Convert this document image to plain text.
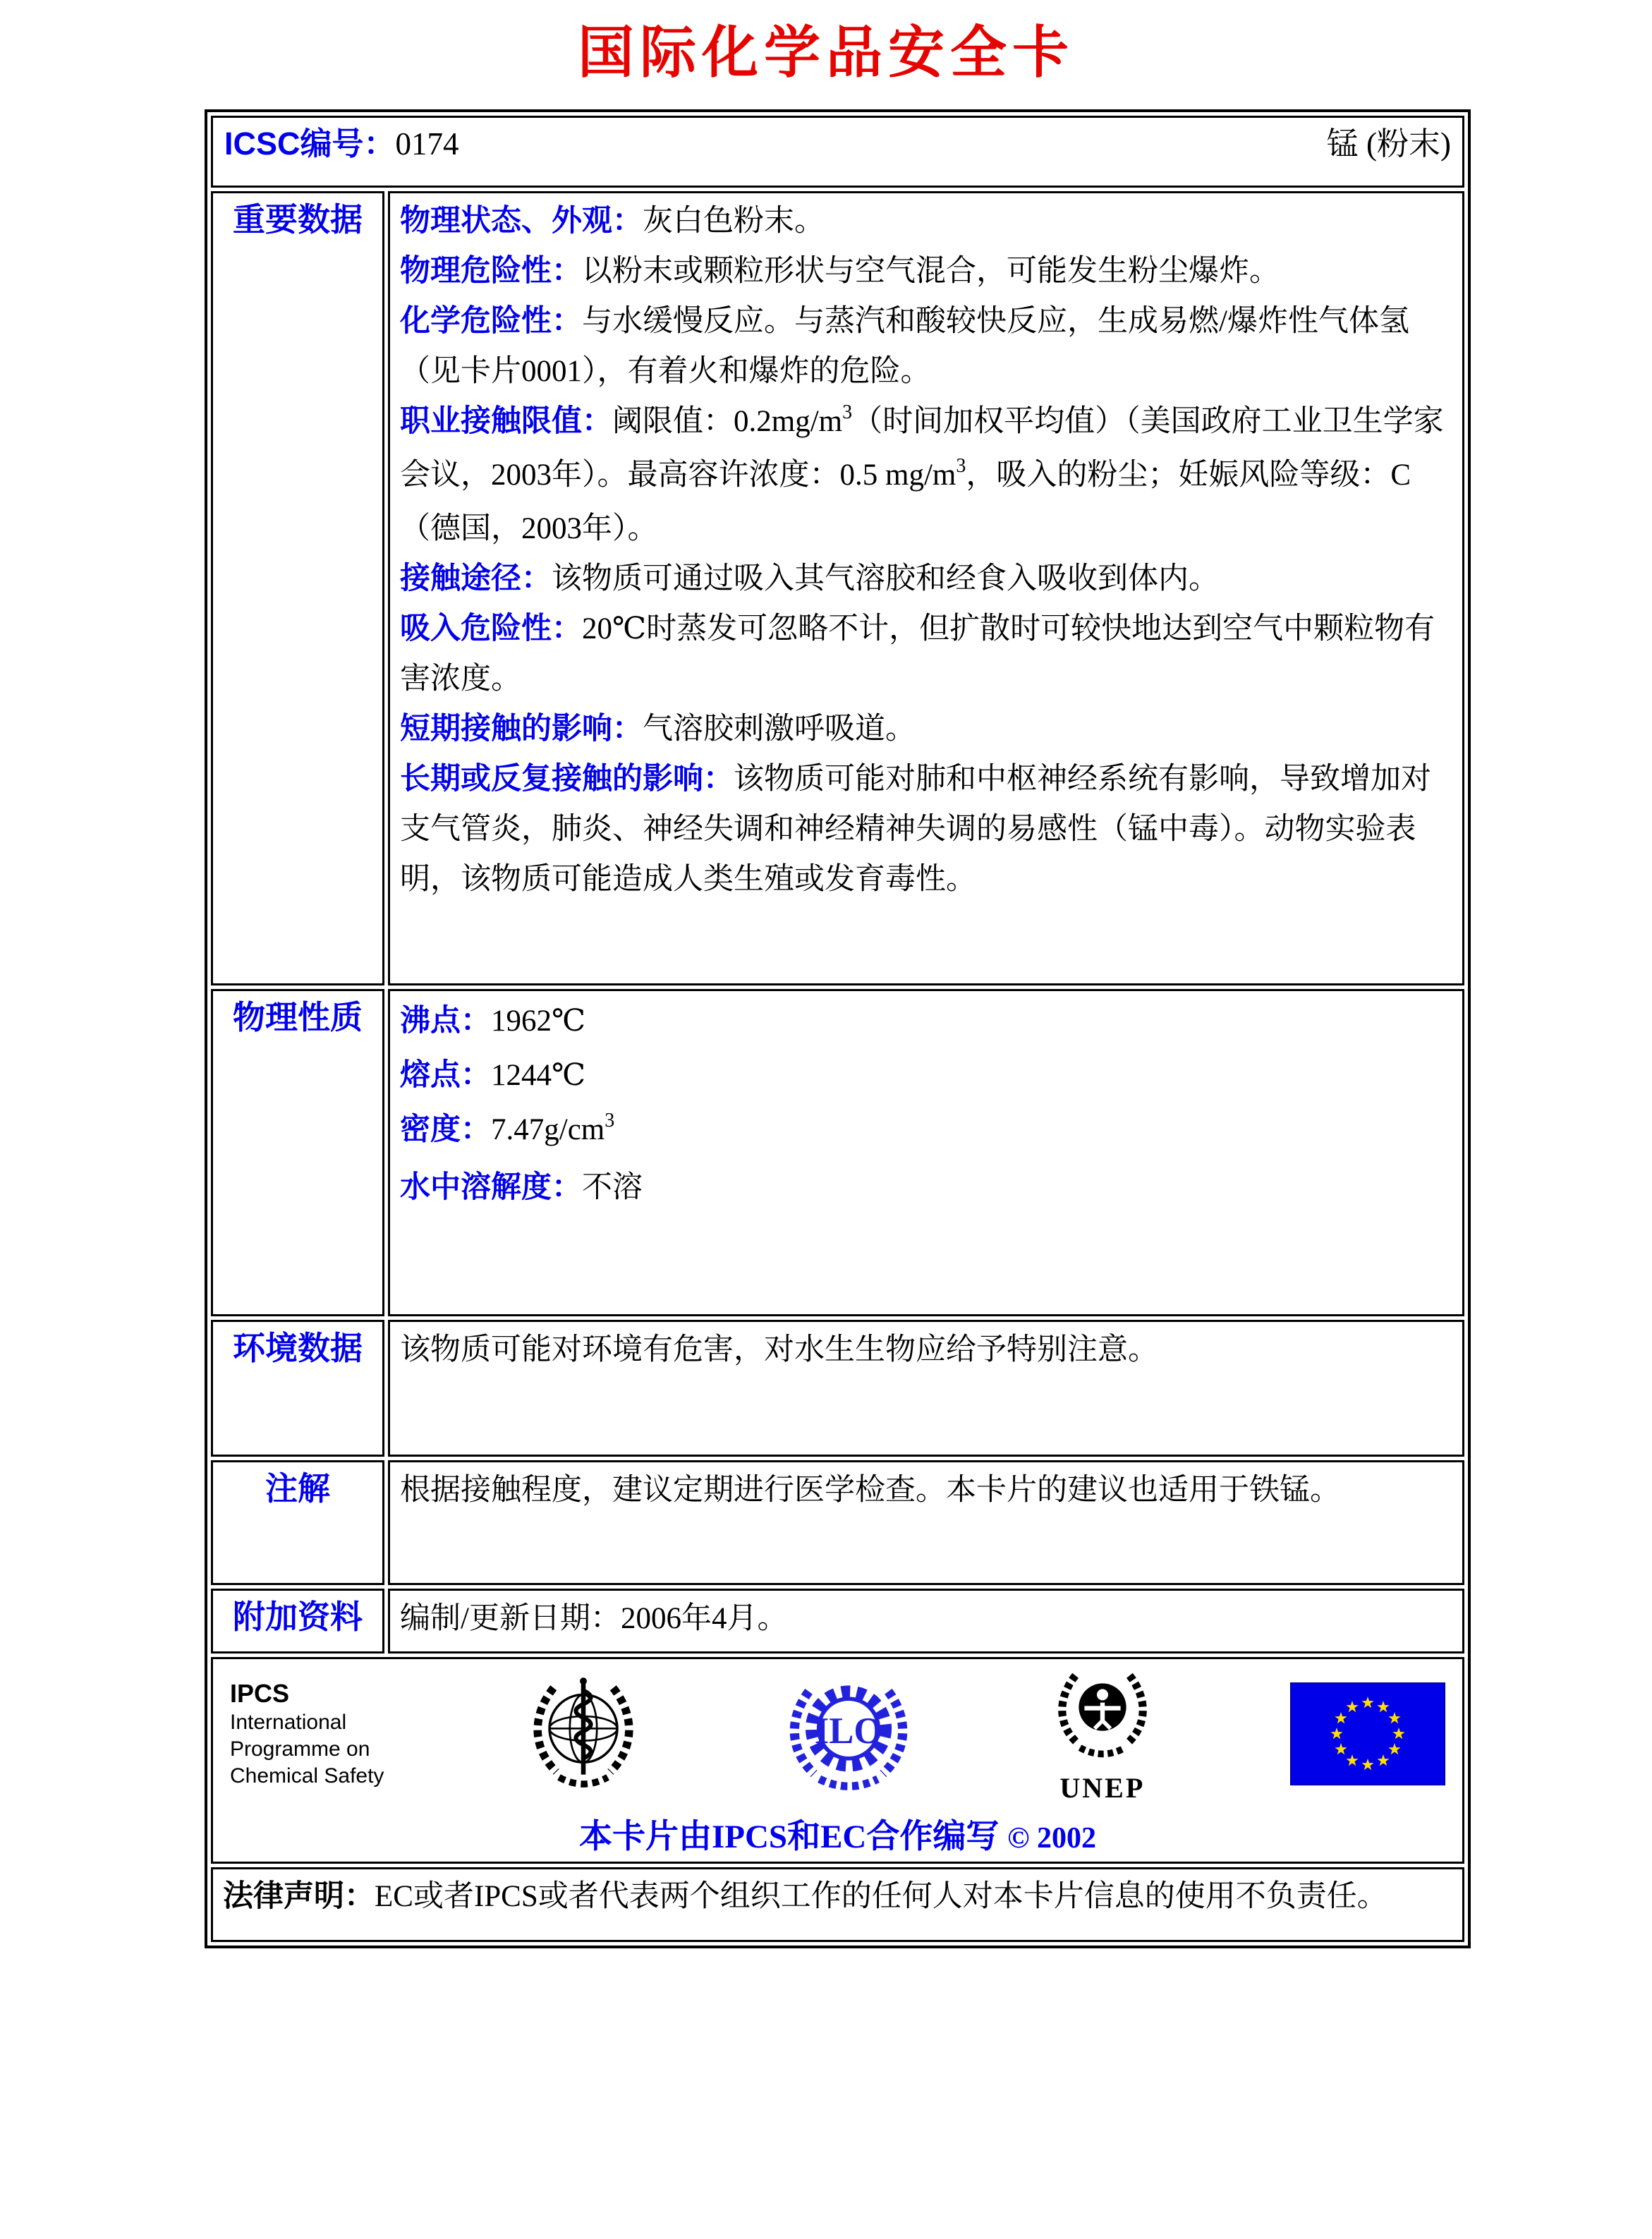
国际化学品安全卡
ICSC编号：0174 锰 (粉末)	

重要数据	物理状态、外观：灰白色粉末。

物理危险性：以粉末或颗粒形状与空气混合，可能发生粉尘爆炸。

化学危险性：与水缓慢反应。与蒸汽和酸较快反应，生成易燃/爆炸性气体氢（见卡片0001），有着火和爆炸的危险。

职业接触限值：阈限值：$0.2mg/m^3$（时间加权平均值）（美国政府工业卫生学家会议，2003年）。最高容许浓度：0.5 $mg/m^3$，吸入的粉尘；妊娠风险等级：C（德国，2003年）。

接触途径：该物质可通过吸入其气溶胶和经食入吸收到体内。

吸入危险性：20℃时蒸发可忽略不计，但扩散时可较快地达到空气中颗粒物有害浓度。

短期接触的影响：气溶胶刺激呼吸道。

长期或反复接触的影响：该物质可能对肺和中枢神经系统有影响，导致增加对支气管炎，肺炎、神经失调和神经精神失调的易感性（锰中毒）。动物实验表明，该物质可能造成人类生殖或发育毒性。

物理性质	沸点：1962℃

熔点：1244℃

密度：$7.47g/cm^3$

水中溶解度：不溶

环境数据	该物质可能对环境有危害，对水生生物应给予特别注意。

注解	根据接触程度，建议定期进行医学检查。本卡片的建议也适用于铁锰。

附加资料	编制/更新日期：2006年4月。

IPCS
International
Programme on
Chemical Safety
ILO
UNEP
本卡片由IPCS和EC合作编写 © 2002

法律声明：EC或者IPCS或者代表两个组织工作的任何人对本卡片信息的使用不负责任。	
